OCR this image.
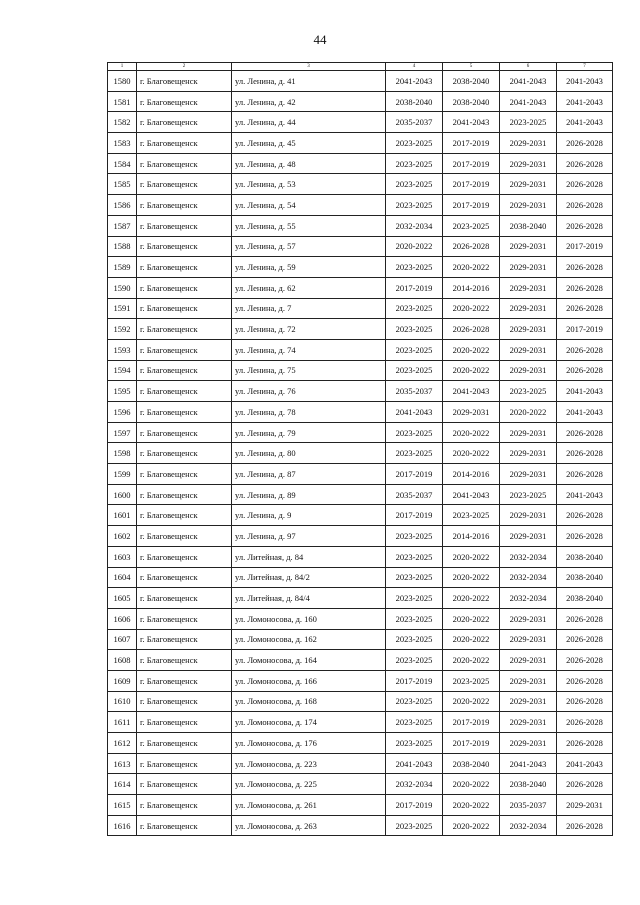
44
1	2	3	4	5	6	7
1580	г. Благовещенск	ул. Ленина, д. 41	2041-2043	2038-2040	2041-2043	2041-2043
1581	г. Благовещенск	ул. Ленина, д. 42	2038-2040	2038-2040	2041-2043	2041-2043
1582	г. Благовещенск	ул. Ленина, д. 44	2035-2037	2041-2043	2023-2025	2041-2043
1583	г. Благовещенск	ул. Ленина, д. 45	2023-2025	2017-2019	2029-2031	2026-2028
1584	г. Благовещенск	ул. Ленина, д. 48	2023-2025	2017-2019	2029-2031	2026-2028
1585	г. Благовещенск	ул. Ленина, д. 53	2023-2025	2017-2019	2029-2031	2026-2028
1586	г. Благовещенск	ул. Ленина, д. 54	2023-2025	2017-2019	2029-2031	2026-2028
1587	г. Благовещенск	ул. Ленина, д. 55	2032-2034	2023-2025	2038-2040	2026-2028
1588	г. Благовещенск	ул. Ленина, д. 57	2020-2022	2026-2028	2029-2031	2017-2019
1589	г. Благовещенск	ул. Ленина, д. 59	2023-2025	2020-2022	2029-2031	2026-2028
1590	г. Благовещенск	ул. Ленина, д. 62	2017-2019	2014-2016	2029-2031	2026-2028
1591	г. Благовещенск	ул. Ленина, д. 7	2023-2025	2020-2022	2029-2031	2026-2028
1592	г. Благовещенск	ул. Ленина, д. 72	2023-2025	2026-2028	2029-2031	2017-2019
1593	г. Благовещенск	ул. Ленина, д. 74	2023-2025	2020-2022	2029-2031	2026-2028
1594	г. Благовещенск	ул. Ленина, д. 75	2023-2025	2020-2022	2029-2031	2026-2028
1595	г. Благовещенск	ул. Ленина, д. 76	2035-2037	2041-2043	2023-2025	2041-2043
1596	г. Благовещенск	ул. Ленина, д. 78	2041-2043	2029-2031	2020-2022	2041-2043
1597	г. Благовещенск	ул. Ленина, д. 79	2023-2025	2020-2022	2029-2031	2026-2028
1598	г. Благовещенск	ул. Ленина, д. 80	2023-2025	2020-2022	2029-2031	2026-2028
1599	г. Благовещенск	ул. Ленина, д. 87	2017-2019	2014-2016	2029-2031	2026-2028
1600	г. Благовещенск	ул. Ленина, д. 89	2035-2037	2041-2043	2023-2025	2041-2043
1601	г. Благовещенск	ул. Ленина, д. 9	2017-2019	2023-2025	2029-2031	2026-2028
1602	г. Благовещенск	ул. Ленина, д. 97	2023-2025	2014-2016	2029-2031	2026-2028
1603	г. Благовещенск	ул. Литейная, д. 84	2023-2025	2020-2022	2032-2034	2038-2040
1604	г. Благовещенск	ул. Литейная, д. 84/2	2023-2025	2020-2022	2032-2034	2038-2040
1605	г. Благовещенск	ул. Литейная, д. 84/4	2023-2025	2020-2022	2032-2034	2038-2040
1606	г. Благовещенск	ул. Ломоносова, д. 160	2023-2025	2020-2022	2029-2031	2026-2028
1607	г. Благовещенск	ул. Ломоносова, д. 162	2023-2025	2020-2022	2029-2031	2026-2028
1608	г. Благовещенск	ул. Ломоносова, д. 164	2023-2025	2020-2022	2029-2031	2026-2028
1609	г. Благовещенск	ул. Ломоносова, д. 166	2017-2019	2023-2025	2029-2031	2026-2028
1610	г. Благовещенск	ул. Ломоносова, д. 168	2023-2025	2020-2022	2029-2031	2026-2028
1611	г. Благовещенск	ул. Ломоносова, д. 174	2023-2025	2017-2019	2029-2031	2026-2028
1612	г. Благовещенск	ул. Ломоносова, д. 176	2023-2025	2017-2019	2029-2031	2026-2028
1613	г. Благовещенск	ул. Ломоносова, д. 223	2041-2043	2038-2040	2041-2043	2041-2043
1614	г. Благовещенск	ул. Ломоносова, д. 225	2032-2034	2020-2022	2038-2040	2026-2028
1615	г. Благовещенск	ул. Ломоносова, д. 261	2017-2019	2020-2022	2035-2037	2029-2031
1616	г. Благовещенск	ул. Ломоносова, д. 263	2023-2025	2020-2022	2032-2034	2026-2028
